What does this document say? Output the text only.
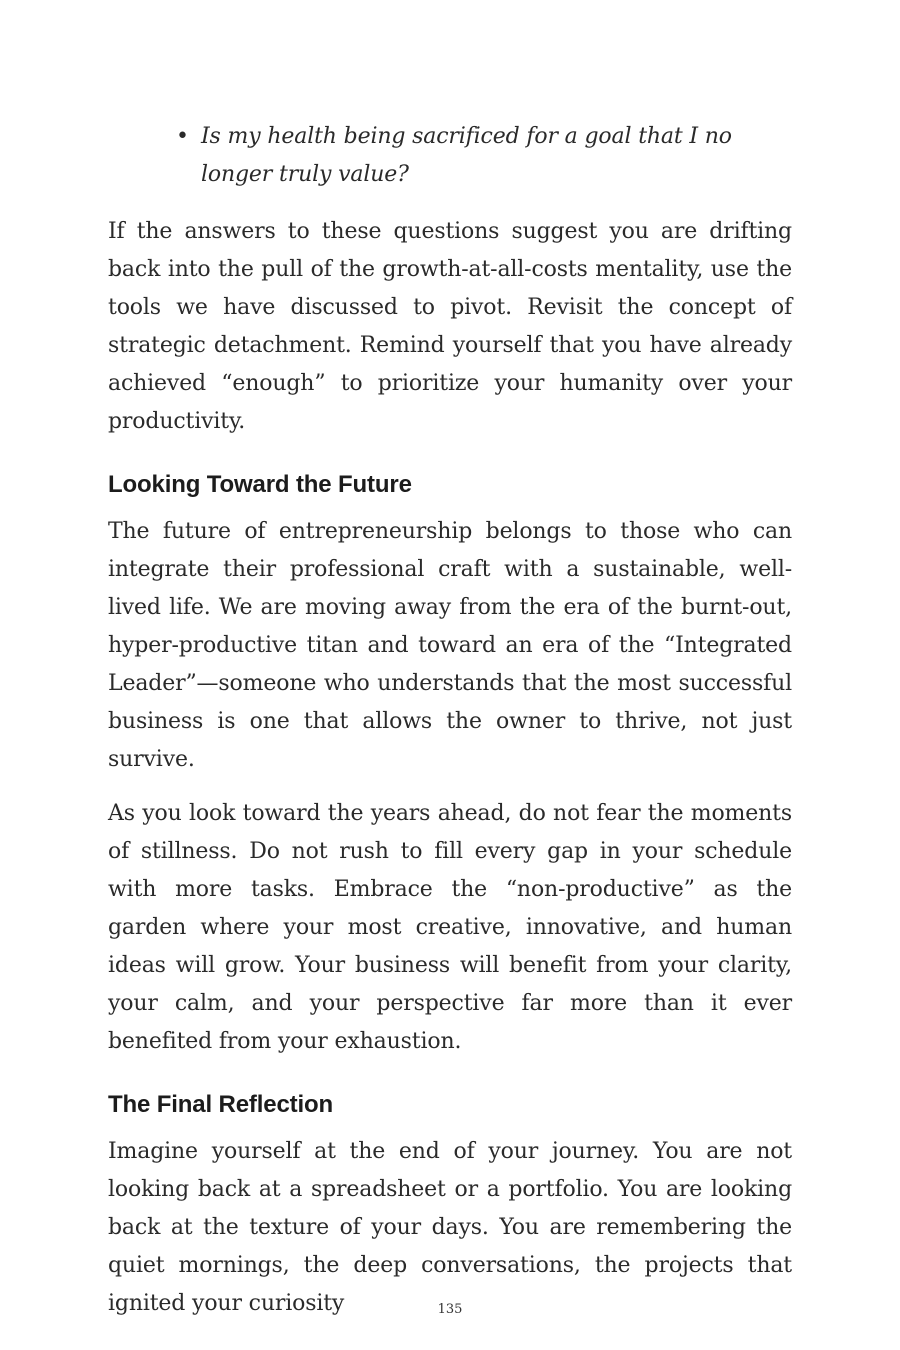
• Is my health being sacrificed for a goal that I no longer truly value?

If the answers to these questions suggest you are drifting back into the pull of the growth-at-all-costs mentality, use the tools we have discussed to pivot. Revisit the concept of strategic detachment. Remind yourself that you have already achieved “enough” to prioritize your humanity over your productivity.

Looking Toward the Future

The future of entrepreneurship belongs to those who can integrate their professional craft with a sustainable, well-lived life. We are moving away from the era of the burnt-out, hyper-productive titan and toward an era of the “Integrated Leader”—someone who understands that the most successful business is one that allows the owner to thrive, not just survive.

As you look toward the years ahead, do not fear the moments of stillness. Do not rush to fill every gap in your schedule with more tasks. Embrace the “non-productive” as the garden where your most creative, innovative, and human ideas will grow. Your business will benefit from your clarity, your calm, and your perspective far more than it ever benefited from your exhaustion.

The Final Reflection

Imagine yourself at the end of your journey. You are not looking back at a spreadsheet or a portfolio. You are looking back at the texture of your days. You are remembering the quiet mornings, the deep conversations, the projects that ignited your curiosity	135
